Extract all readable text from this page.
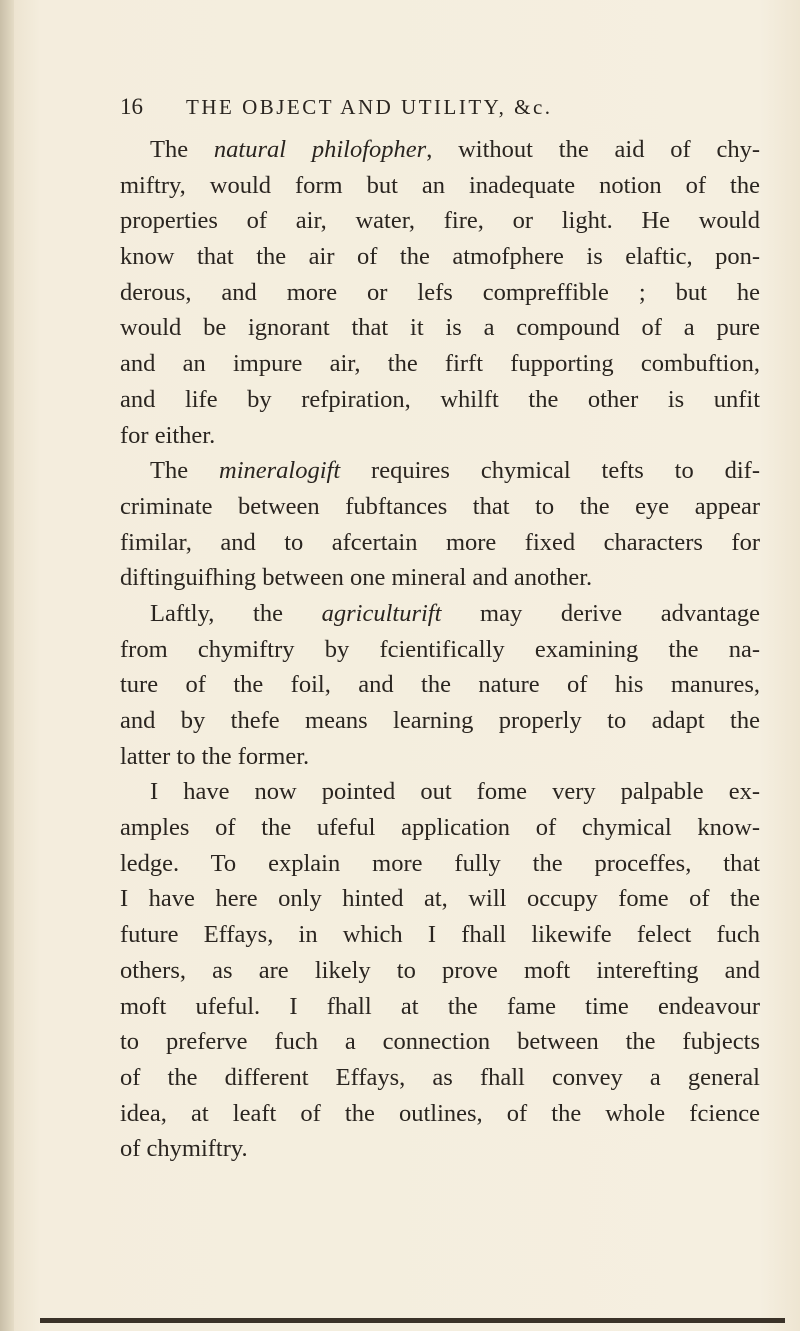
16 THE OBJECT AND UTILITY, &c.
The natural philofopher, without the aid of chy-
miftry, would form but an inadequate notion of the
properties of air, water, fire, or light. He would
know that the air of the atmofphere is elaftic, pon-
derous, and more or lefs compreffible ; but he
would be ignorant that it is a compound of a pure
and an impure air, the firft fupporting combuftion,
and life by refpiration, whilft the other is unfit
for either.
The mineralogift requires chymical tefts to dif-
criminate between fubftances that to the eye appear
fimilar, and to afcertain more fixed characters for
diftinguifhing between one mineral and another.
Laftly, the agriculturift may derive advantage
from chymiftry by fcientifically examining the na-
ture of the foil, and the nature of his manures,
and by thefe means learning properly to adapt the
latter to the former.
I have now pointed out fome very palpable ex-
amples of the ufeful application of chymical know-
ledge. To explain more fully the proceffes, that
I have here only hinted at, will occupy fome of the
future Effays, in which I fhall likewife felect fuch
others, as are likely to prove moft interefting and
moft ufeful. I fhall at the fame time endeavour
to preferve fuch a connection between the fubjects
of the different Effays, as fhall convey a general
idea, at leaft of the outlines, of the whole fcience
of chymiftry.
